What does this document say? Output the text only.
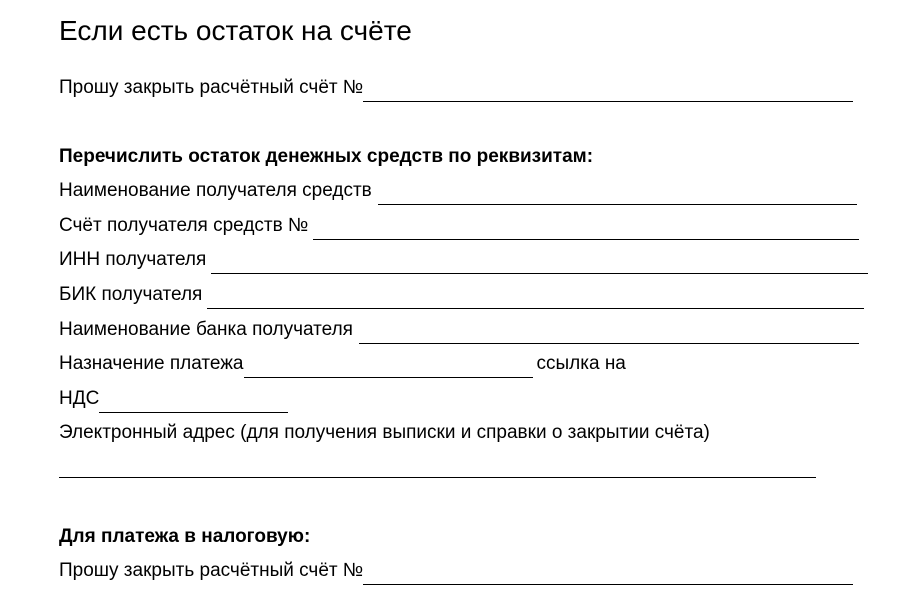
Если есть остаток на счёте
Прошу закрыть расчётный счёт №
Перечислить остаток денежных средств по реквизитам:
Наименование получателя средств
Счёт получателя средств №
ИНН получателя
БИК получателя
Наименование банка получателя
Назначение платежа	ссылка на
НДС
Электронный адрес (для получения выписки и справки о закрытии счёта)
Для платежа в налоговую:
Прошу закрыть расчётный счёт №
